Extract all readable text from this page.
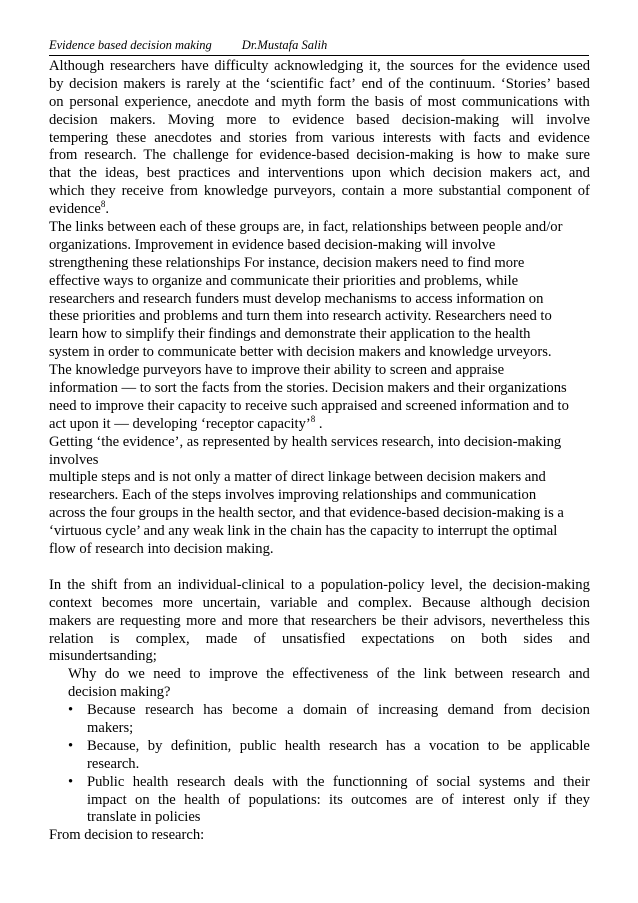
Evidence based decision making Dr.Mustafa Salih
Although researchers have difficulty acknowledging it, the sources for the evidence used
by decision makers is rarely at the ‘scientific fact’ end of the continuum. ‘Stories’ based
on personal experience, anecdote and myth form the basis of most communications with
decision makers. Moving more to evidence based decision-making will involve
tempering these anecdotes and stories from various interests with facts and evidence
from research. The challenge for evidence-based decision-making is how to make sure
that the ideas, best practices and interventions upon which decision makers act, and
which they receive from knowledge purveyors, contain a more substantial component of
evidence$^8$.
The links between each of these groups are, in fact, relationships between people and/or
organizations. Improvement in evidence based decision-making will involve
strengthening these relationships For instance, decision makers need to find more
effective ways to organize and communicate their priorities and problems, while
researchers and research funders must develop mechanisms to access information on
these priorities and problems and turn them into research activity. Researchers need to
learn how to simplify their findings and demonstrate their application to the health
system in order to communicate better with decision makers and knowledge urveyors.
The knowledge purveyors have to improve their ability to screen and appraise
information — to sort the facts from the stories. Decision makers and their organizations
need to improve their capacity to receive such appraised and screened information and to
act upon it — developing ‘receptor capacity’$^8$ .
Getting ‘the evidence’, as represented by health services research, into decision-making
involves
multiple steps and is not only a matter of direct linkage between decision makers and
researchers. Each of the steps involves improving relationships and communication
across the four groups in the health sector, and that evidence-based decision-making is a
‘virtuous cycle’ and any weak link in the chain has the capacity to interrupt the optimal
flow of research into decision making.
In the shift from an individual-clinical to a population-policy level, the decision-making
context becomes more uncertain, variable and complex. Because although decision
makers are requesting more and more that researchers be their advisors, nevertheless this
relation is complex, made of unsatisfied expectations on both sides and
misundertsanding;
Why do we need to improve the effectiveness of the link between research and
decision making?
• Because research has become a domain of increasing demand from decision
makers;
• Because, by definition, public health research has a vocation to be applicable
research.
• Public health research deals with the functionning of social systems and their
impact on the health of populations: its outcomes are of interest only if they
translate in policies
From decision to research:
